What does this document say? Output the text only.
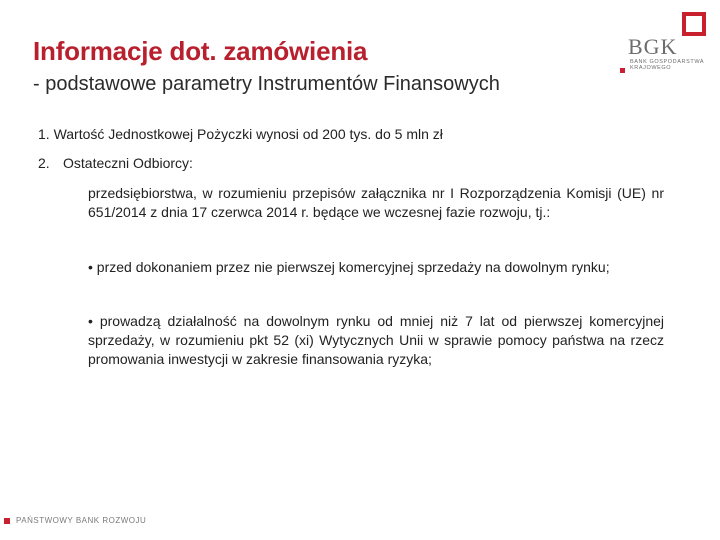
Informacje dot. zamówienia
- podstawowe parametry Instrumentów Finansowych
BGK
BANK GOSPODARSTWA KRAJOWEGO
1. Wartość Jednostkowej Pożyczki wynosi od 200 tys. do 5 mln zł
2. Ostateczni Odbiorcy:
przedsiębiorstwa, w rozumieniu przepisów załącznika nr I Rozporządzenia Komisji (UE) nr 651/2014 z dnia 17 czerwca 2014 r. będące we wczesnej fazie rozwoju, tj.:
• przed dokonaniem przez nie pierwszej komercyjnej sprzedaży na dowolnym rynku;
• prowadzą działalność na dowolnym rynku od mniej niż 7 lat od pierwszej komercyjnej sprzedaży, w rozumieniu pkt 52 (xi) Wytycznych Unii w sprawie pomocy państwa na rzecz promowania inwestycji w zakresie finansowania ryzyka;
PAŃSTWOWY BANK ROZWOJU
